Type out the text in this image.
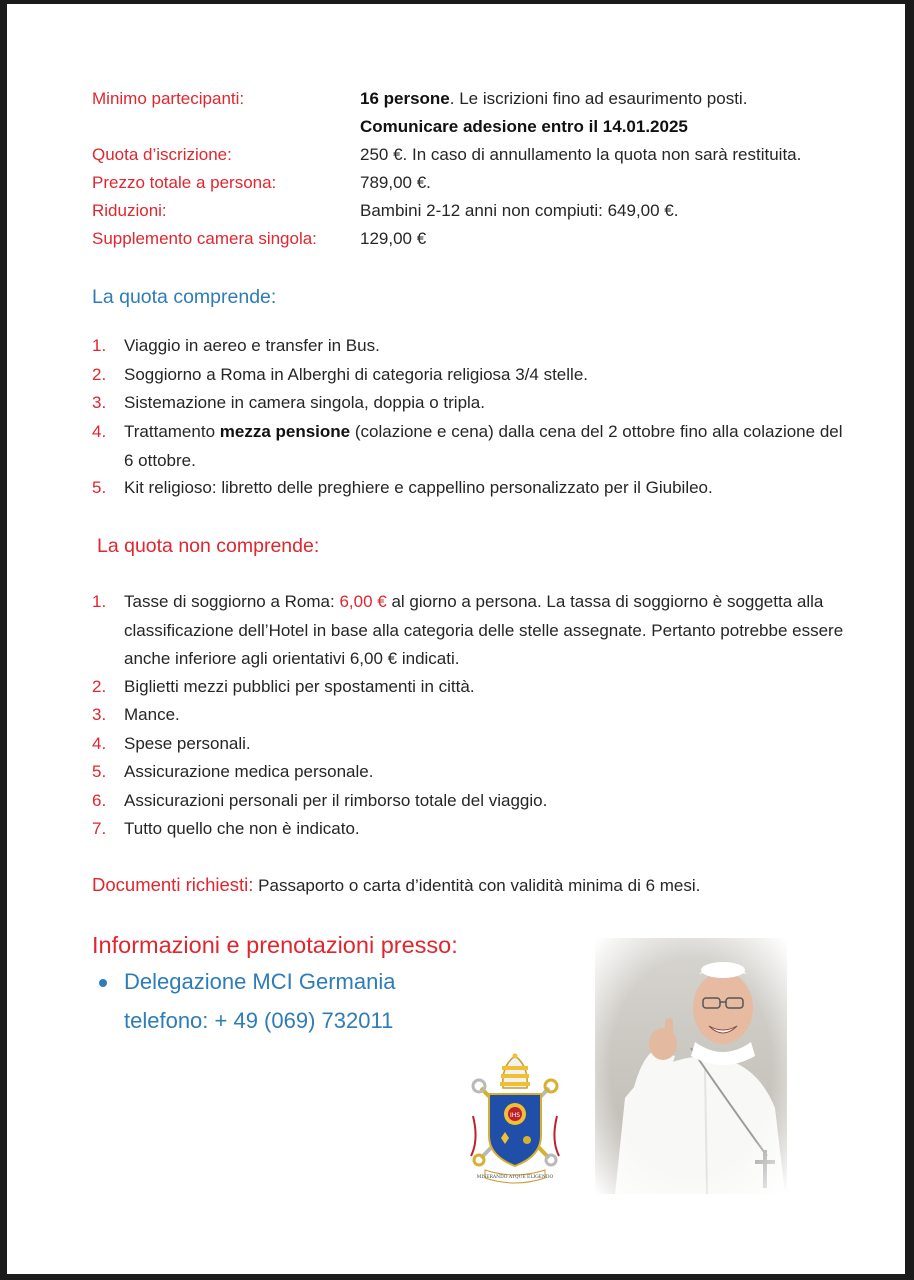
Minimo partecipanti:	16 persone. Le iscrizioni fino ad esaurimento posti.
Comunicare adesione entro il 14.01.2025
Quota d’iscrizione:	250 €. In caso di annullamento la quota non sarà restituita.
Prezzo totale a persona:	789,00 €.
Riduzioni:	Bambini 2-12 anni non compiuti: 649,00 €.
Supplemento camera singola:	129,00 €
La quota comprende:
1. Viaggio in aereo e transfer in Bus.
2. Soggiorno a Roma in Alberghi di categoria religiosa 3/4 stelle.
3. Sistemazione in camera singola, doppia o tripla.
4. Trattamento mezza pensione (colazione e cena) dalla cena del 2 ottobre fino alla colazione del 6 ottobre.
5. Kit religioso: libretto delle preghiere e cappellino personalizzato per il Giubileo.
La quota non comprende:
1. Tasse di soggiorno a Roma: 6,00 € al giorno a persona. La tassa di soggiorno è soggetta alla classificazione dell’Hotel in base alla categoria delle stelle assegnate. Pertanto potrebbe essere anche inferiore agli orientativi 6,00 € indicati.
2. Biglietti mezzi pubblici per spostamenti in città.
3. Mance.
4. Spese personali.
5. Assicurazione medica personale.
6. Assicurazioni personali per il rimborso totale del viaggio.
7. Tutto quello che non è indicato.
Documenti richiesti: Passaporto o carta d’identità con validità minima di 6 mesi.
Informazioni e prenotazioni presso:
Delegazione MCI Germania
telefono: + 49 (069) 732011
IHS
MISERANDO ATQUE ELIGENDO
